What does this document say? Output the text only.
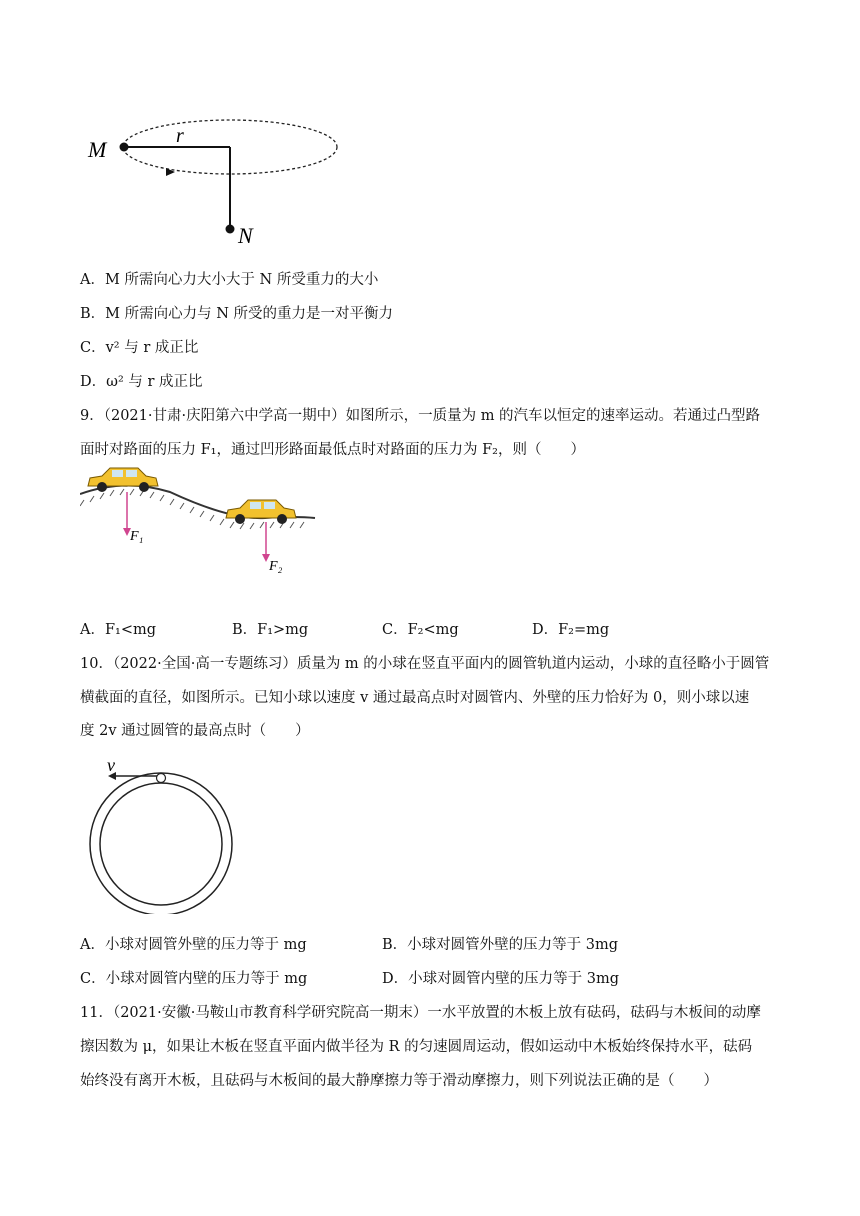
M
r
N
A．M 所需向心力大小大于 N 所受重力的大小
B．M 所需向心力与 N 所受的重力是一对平衡力
C．v² 与 r 成正比
D．ω² 与 r 成正比
9．（2021·甘肃·庆阳第六中学高一期中）如图所示，一质量为 m 的汽车以恒定的速率运动。若通过凸型路
面时对路面的压力 F₁，通过凹形路面最低点时对路面的压力为 F₂，则（　　）
F₁
F₂
A．F₁<mg	B．F₁>mg	C．F₂<mg	D．F₂=mg
10．（2022·全国·高一专题练习）质量为 m 的小球在竖直平面内的圆管轨道内运动，小球的直径略小于圆管
横截面的直径，如图所示。已知小球以速度 v 通过最高点时对圆管内、外壁的压力恰好为 0，则小球以速
度 2v 通过圆管的最高点时（　　）
v
A．小球对圆管外壁的压力等于 mg	B．小球对圆管外壁的压力等于 3mg
C．小球对圆管内壁的压力等于 mg	D．小球对圆管内壁的压力等于 3mg
11．（2021·安徽·马鞍山市教育科学研究院高一期末）一水平放置的木板上放有砝码，砝码与木板间的动摩
擦因数为 μ，如果让木板在竖直平面内做半径为 R 的匀速圆周运动，假如运动中木板始终保持水平，砝码
始终没有离开木板，且砝码与木板间的最大静摩擦力等于滑动摩擦力，则下列说法正确的是（　　）
